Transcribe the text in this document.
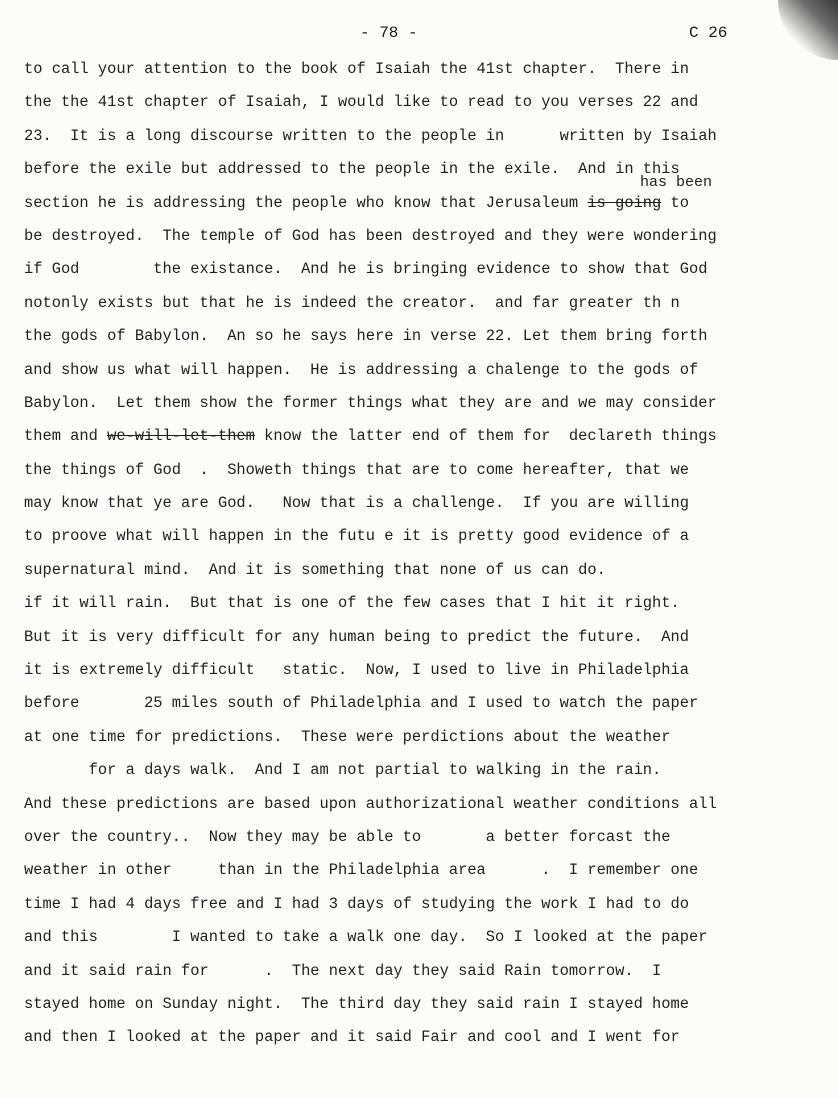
- 78 -	C 26
has been
to call your attention to the book of Isaiah the 41st chapter.  There in
the the 41st chapter of Isaiah, I would like to read to you verses 22 and
23.  It is a long discourse written to the people in      written by Isaiah
before the exile but addressed to the people in the exile.  And in this
section he is addressing the people who know that Jerusaleum is going to
be destroyed.  The temple of God has been destroyed and they were wondering
if God        the existance.  And he is bringing evidence to show that God
notonly exists but that he is indeed the creator.  and far greater th n
the gods of Babylon.  An so he says here in verse 22. Let them bring forth
and show us what will happen.  He is addressing a chalenge to the gods of
Babylon.  Let them show the former things what they are and we may consider
them and we-will-let-them know the latter end of them for  declareth things
the things of God  .  Showeth things that are to come hereafter, that we
may know that ye are God.   Now that is a challenge.  If you are willing
to proove what will happen in the futu e it is pretty good evidence of a
supernatural mind.  And it is something that none of us can do.
if it will rain.  But that is one of the few cases that I hit it right.
But it is very difficult for any human being to predict the future.  And
it is extremely difficult   static.  Now, I used to live in Philadelphia
before       25 miles south of Philadelphia and I used to watch the paper
at one time for predictions.  These were perdictions about the weather
for a days walk.  And I am not partial to walking in the rain.
And these predictions are based upon authorizational weather conditions all
over the country..  Now they may be able to       a better forcast the
weather in other     than in the Philadelphia area      .  I remember one
time I had 4 days free and I had 3 days of studying the work I had to do
and this        I wanted to take a walk one day.  So I looked at the paper
and it said rain for      .  The next day they said Rain tomorrow.  I
stayed home on Sunday night.  The third day they said rain I stayed home
and then I looked at the paper and it said Fair and cool and I went for
